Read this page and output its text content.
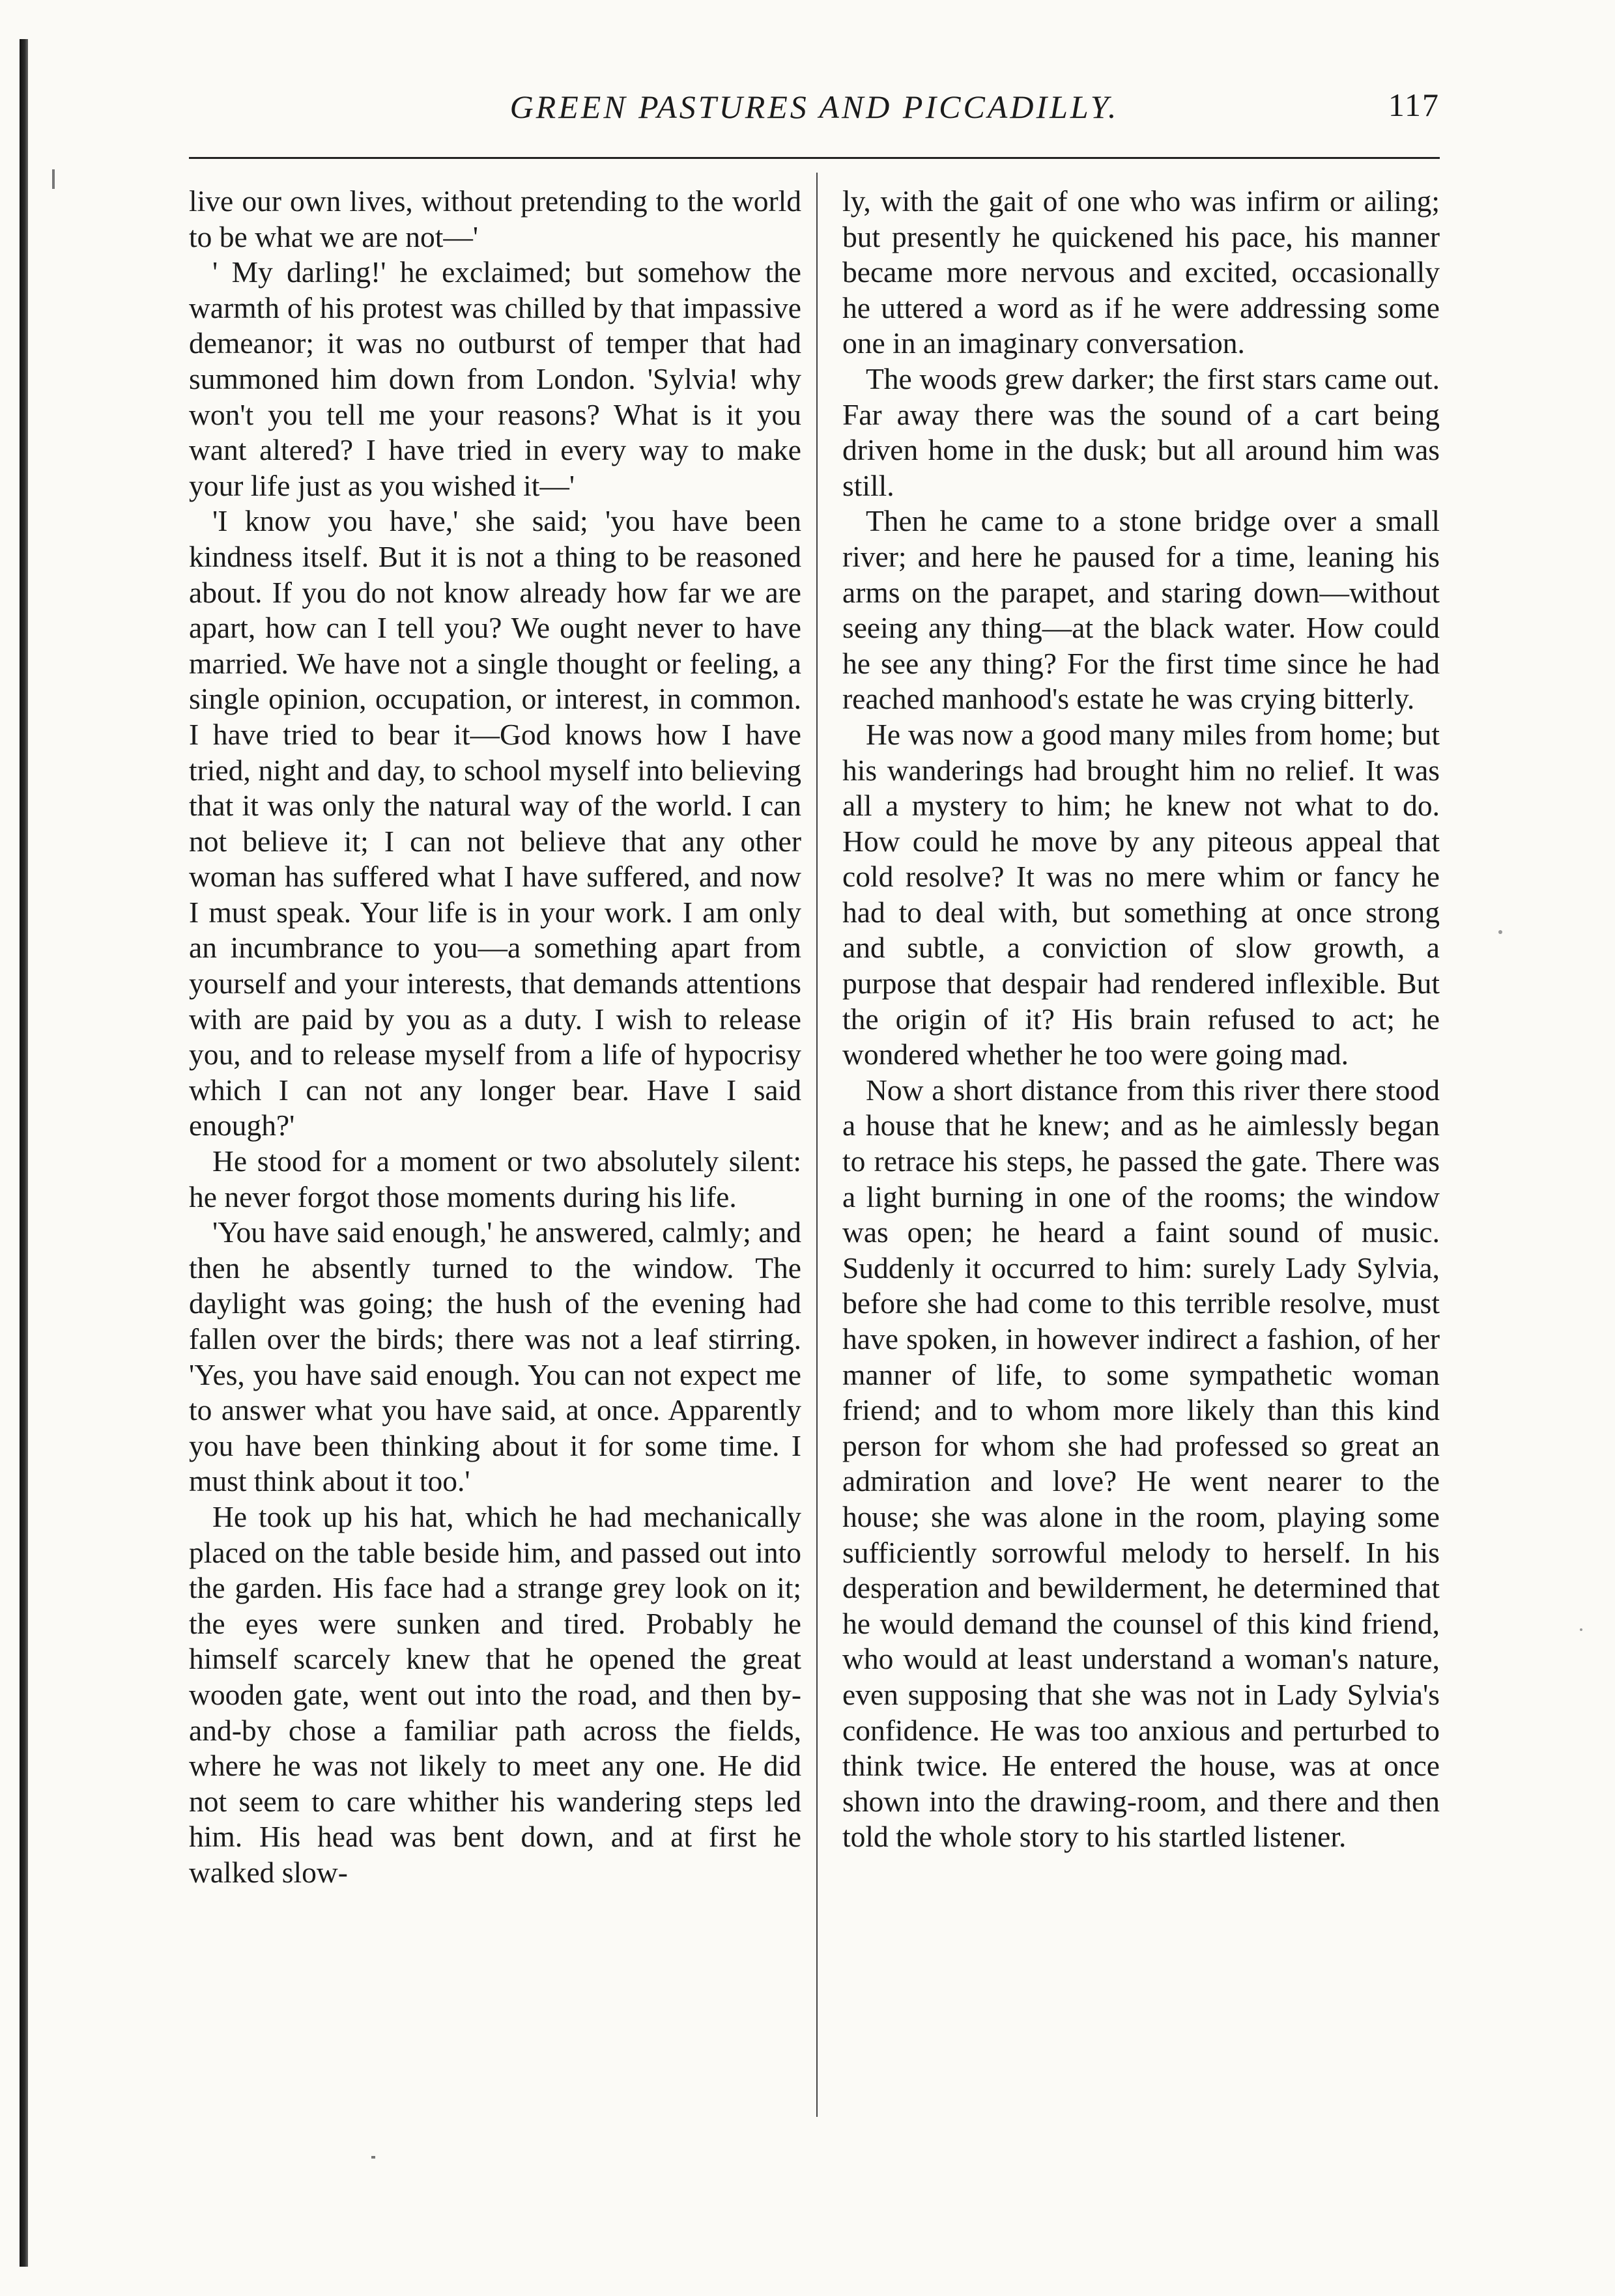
GREEN PASTURES AND PICCADILLY.	117

live our own lives, without pretending to the world to be what we are not—'

' My darling!' he exclaimed; but somehow the warmth of his protest was chilled by that impassive demeanor; it was no outburst of temper that had summoned him down from London. 'Sylvia! why won't you tell me your reasons? What is it you want altered? I have tried in every way to make your life just as you wished it—'

'I know you have,' she said; 'you have been kindness itself. But it is not a thing to be reasoned about. If you do not know already how far we are apart, how can I tell you? We ought never to have married. We have not a single thought or feeling, a single opinion, occupation, or interest, in common. I have tried to bear it—God knows how I have tried, night and day, to school myself into believing that it was only the natural way of the world. I can not believe it; I can not believe that any other woman has suffered what I have suffered, and now I must speak. Your life is in your work. I am only an incumbrance to you—a something apart from yourself and your interests, that demands attentions with are paid by you as a duty. I wish to release you, and to release myself from a life of hypocrisy which I can not any longer bear. Have I said enough?'

He stood for a moment or two absolutely silent: he never forgot those moments during his life.

'You have said enough,' he answered, calmly; and then he absently turned to the window. The daylight was going; the hush of the evening had fallen over the birds; there was not a leaf stirring. 'Yes, you have said enough. You can not expect me to answer what you have said, at once. Apparently you have been thinking about it for some time. I must think about it too.'

He took up his hat, which he had mechanically placed on the table beside him, and passed out into the garden. His face had a strange grey look on it; the eyes were sunken and tired. Probably he himself scarcely knew that he opened the great wooden gate, went out into the road, and then by-and-by chose a familiar path across the fields, where he was not likely to meet any one. He did not seem to care whither his wandering steps led him. His head was bent down, and at first he walked slow-

ly, with the gait of one who was infirm or ailing; but presently he quickened his pace, his manner became more nervous and excited, occasionally he uttered a word as if he were addressing some one in an imaginary conversation.

The woods grew darker; the first stars came out. Far away there was the sound of a cart being driven home in the dusk; but all around him was still.

Then he came to a stone bridge over a small river; and here he paused for a time, leaning his arms on the parapet, and staring down—without seeing any thing—at the black water. How could he see any thing? For the first time since he had reached manhood's estate he was crying bitterly.

He was now a good many miles from home; but his wanderings had brought him no relief. It was all a mystery to him; he knew not what to do. How could he move by any piteous appeal that cold resolve? It was no mere whim or fancy he had to deal with, but something at once strong and subtle, a conviction of slow growth, a purpose that despair had rendered inflexible. But the origin of it? His brain refused to act; he wondered whether he too were going mad.

Now a short distance from this river there stood a house that he knew; and as he aimlessly began to retrace his steps, he passed the gate. There was a light burning in one of the rooms; the window was open; he heard a faint sound of music. Suddenly it occurred to him: surely Lady Sylvia, before she had come to this terrible resolve, must have spoken, in however indirect a fashion, of her manner of life, to some sympathetic woman friend; and to whom more likely than this kind person for whom she had professed so great an admiration and love? He went nearer to the house; she was alone in the room, playing some sufficiently sorrowful melody to herself. In his desperation and bewilderment, he determined that he would demand the counsel of this kind friend, who would at least understand a woman's nature, even supposing that she was not in Lady Sylvia's confidence. He was too anxious and perturbed to think twice. He entered the house, was at once shown into the drawing-room, and there and then told the whole story to his startled listener.
